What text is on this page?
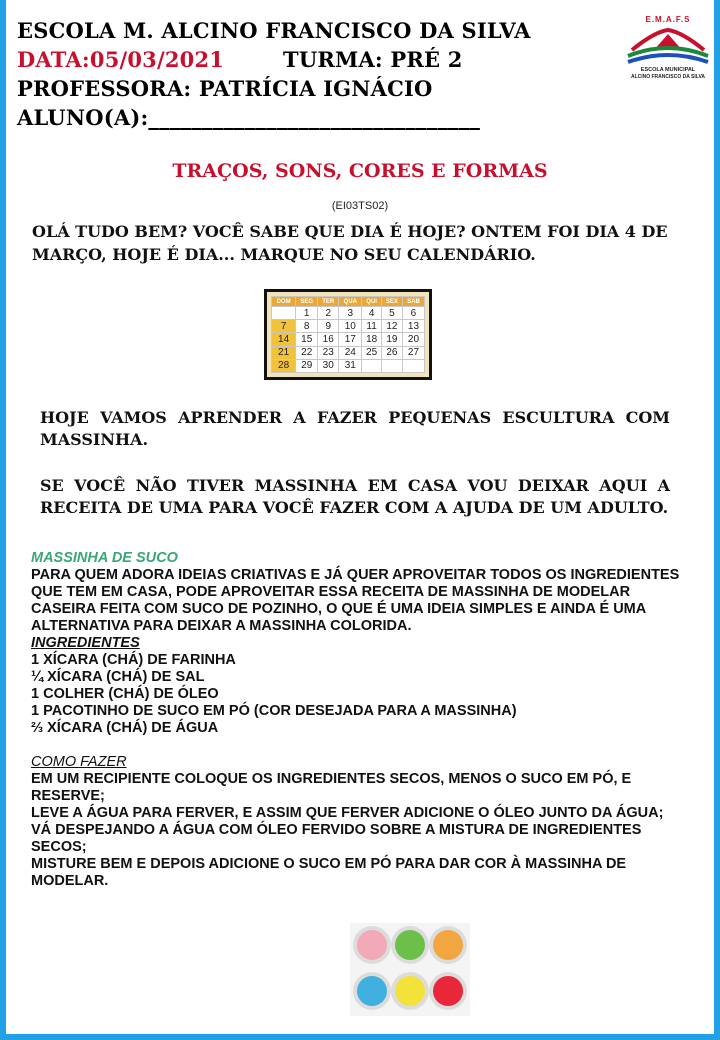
ESCOLA M. ALCINO FRANCISCO DA SILVA
DATA:05/03/2021	TURMA: PRÉ 2
PROFESSORA: PATRÍCIA IGNÁCIO
ALUNO(A):_______________________________
E.M.A.F.S
ESCOLA MUNICIPAL
ALCINO FRANCISCO DA SILVA
TRAÇOS, SONS, CORES E FORMAS
(EI03TS02)
OLÁ TUDO BEM? VOCÊ SABE QUE DIA É HOJE? ONTEM FOI DIA 4 DE MARÇO, HOJE É DIA... MARQUE NO SEU CALENDÁRIO.
DOM	SEG	TER	QUA	QUI	SEX	SAB
	1	2	3	4	5	6
7	8	9	10	11	12	13
14	15	16	17	18	19	20
21	22	23	24	25	26	27
28	29	30	31			
HOJE VAMOS APRENDER A FAZER PEQUENAS ESCULTURA COM MASSINHA.
SE VOCÊ NÃO TIVER MASSINHA EM CASA VOU DEIXAR AQUI A RECEITA DE UMA PARA VOCÊ FAZER COM A AJUDA DE UM ADULTO.
MASSINHA DE SUCO
PARA QUEM ADORA IDEIAS CRIATIVAS E JÁ QUER APROVEITAR TODOS OS INGREDIENTES QUE TEM EM CASA, PODE APROVEITAR ESSA RECEITA DE MASSINHA DE MODELAR CASEIRA FEITA COM SUCO DE POZINHO, O QUE É UMA IDEIA SIMPLES E AINDA É UMA ALTERNATIVA PARA DEIXAR A MASSINHA COLORIDA.
INGREDIENTES
1 XÍCARA (CHÁ) DE FARINHA
¼ XÍCARA (CHÁ) DE SAL
1 COLHER (CHÁ) DE ÓLEO
1 PACOTINHO DE SUCO EM PÓ (COR DESEJADA PARA A MASSINHA)
⅔ XÍCARA (CHÁ) DE ÁGUA
COMO FAZER
EM UM RECIPIENTE COLOQUE OS INGREDIENTES SECOS, MENOS O SUCO EM PÓ, E RESERVE;
LEVE A ÁGUA PARA FERVER, E ASSIM QUE FERVER ADICIONE O ÓLEO JUNTO DA ÁGUA;
VÁ DESPEJANDO A ÁGUA COM ÓLEO FERVIDO SOBRE A MISTURA DE INGREDIENTES SECOS;
MISTURE BEM E DEPOIS ADICIONE O SUCO EM PÓ PARA DAR COR À MASSINHA DE MODELAR.
